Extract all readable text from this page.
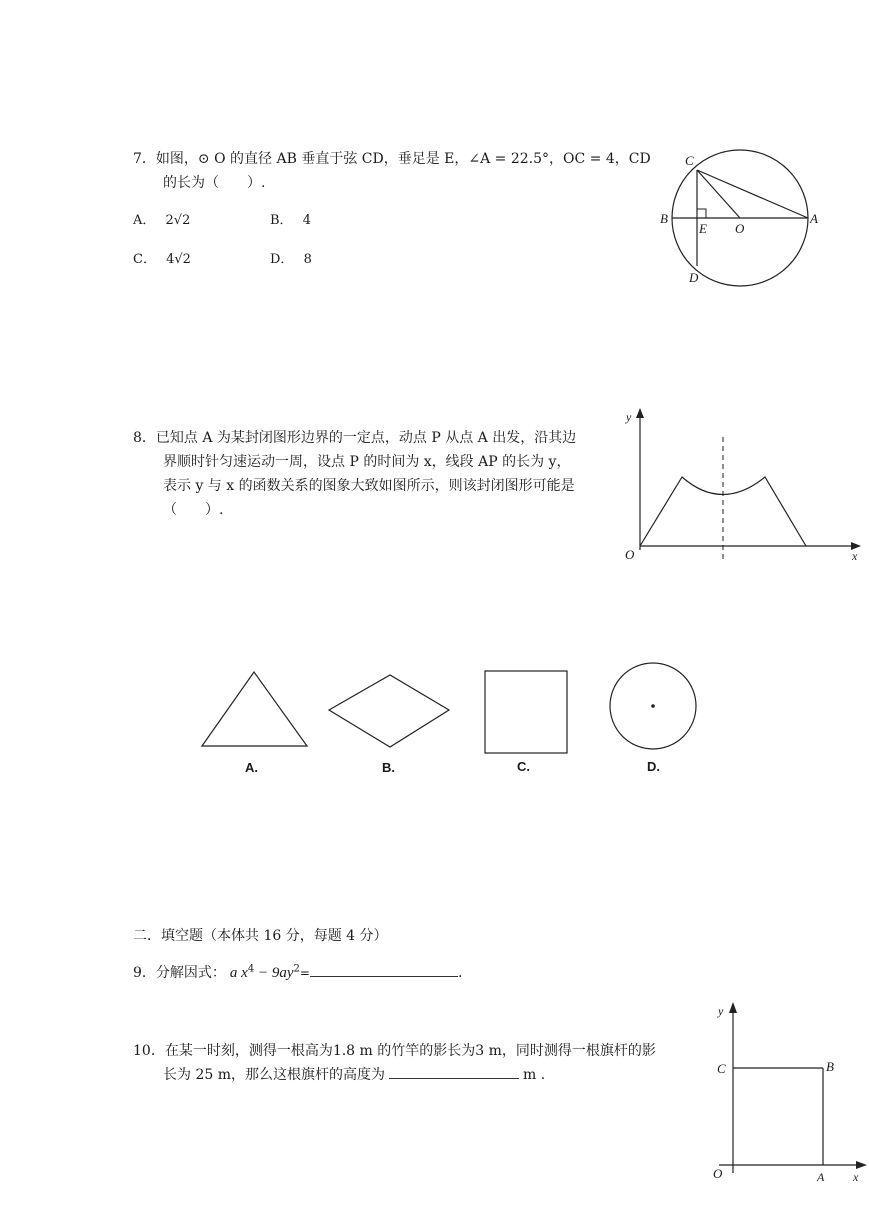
7．如图，⊙ O 的直径 AB 垂直于弦 CD，垂足是 E，∠A = 22.5°，OC = 4，CD
的长为（　　）.
A． 2√2	B． 4
C． 4√2	D． 8
C
B
E O
A
D
8．已知点 A 为某封闭图形边界的一定点，动点 P 从点 A 出发，沿其边
界顺时针匀速运动一周，设点 P 的时间为 x，线段 AP 的长为 y，
表示 y 与 x 的函数关系的图象大致如图所示，则该封闭图形可能是
（　　）.
y
O	x
A.	B.	C.	D.
二．填空题（本体共 16 分，每题 4 分）
9．分解因式： a $x^4 - 9ay^2=$	.
10．在某一时刻，测得一根高为1.8 m 的竹竿的影长为3 m，同时测得一根旗杆的影
长为 25 m，那么这根旗杆的高度为	m .
y
C	B
O	A x
